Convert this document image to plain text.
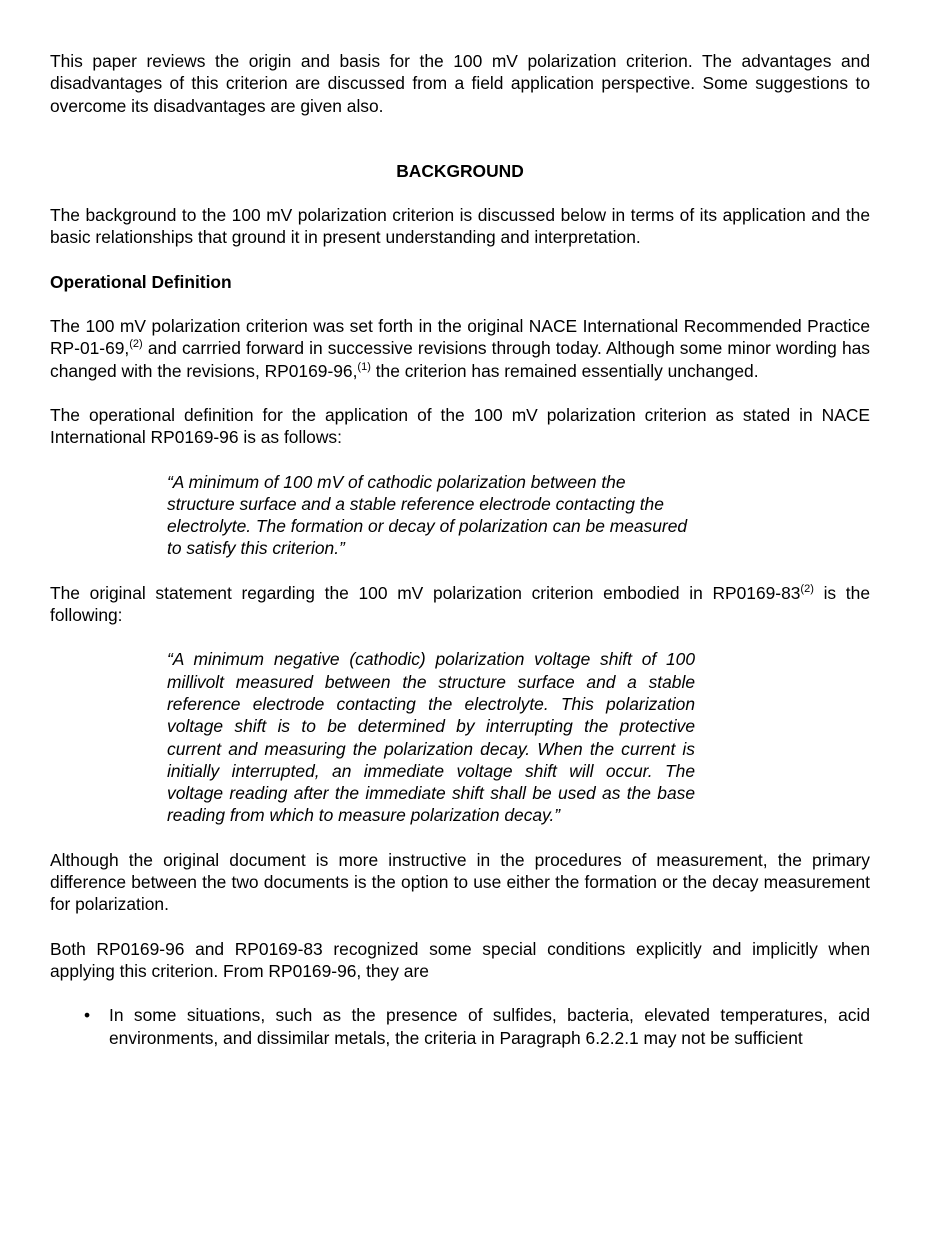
This paper reviews the origin and basis for the 100 mV polarization criterion. The advantages and disadvantages of this criterion are discussed from a field application perspective. Some suggestions to overcome its disadvantages are given also.

BACKGROUND

The background to the 100 mV polarization criterion is discussed below in terms of its application and the basic relationships that ground it in present understanding and interpretation.

Operational Definition

The 100 mV polarization criterion was set forth in the original NACE International Recommended Practice RP-01-69,$^{(2)}$ and carrried forward in successive revisions through today. Although some minor wording has changed with the revisions, RP0169-96,$^{(1)}$ the criterion has remained essentially unchanged.

The operational definition for the application of the 100 mV polarization criterion as stated in NACE International RP0169-96 is as follows:

“A minimum of 100 mV of cathodic polarization between the structure surface and a stable reference electrode contacting the electrolyte. The formation or decay of polarization can be measured to satisfy this criterion.”

The original statement regarding the 100 mV polarization criterion embodied in RP0169-83$^{(2)}$ is the following:

“A minimum negative (cathodic) polarization voltage shift of 100 millivolt measured between the structure surface and a stable reference electrode contacting the electrolyte. This polarization voltage shift is to be determined by interrupting the protective current and measuring the polarization decay. When the current is initially interrupted, an immediate voltage shift will occur. The voltage reading after the immediate shift shall be used as the base reading from which to measure polarization decay.”

Although the original document is more instructive in the procedures of measurement, the primary difference between the two documents is the option to use either the formation or the decay measurement for polarization.

Both RP0169-96 and RP0169-83 recognized some special conditions explicitly and implicitly when applying this criterion. From RP0169-96, they are

• In some situations, such as the presence of sulfides, bacteria, elevated temperatures, acid environments, and dissimilar metals, the criteria in Paragraph 6.2.2.1 may not be sufficient
